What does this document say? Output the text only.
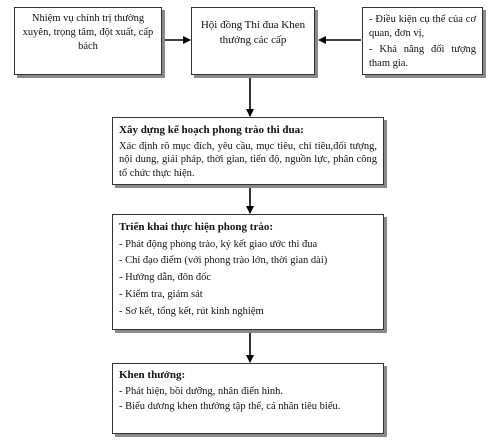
Nhiệm vụ chính trị thường xuyên, trọng tâm, đột xuất, cấp bách
Hội đồng Thi đua Khen thưởng các cấp
- Điều kiện cụ thể của cơ quan, đơn vị,
- Khả năng đối tượng tham gia.
Xây dựng kế hoạch phong trào thi đua:
Xác định rõ mục đích, yêu cầu, mục tiêu, chỉ tiêu,đối tượng, nội dung, giải pháp, thời gian, tiến độ, nguồn lực, phân công tổ chức thực hiện.
Triển khai thực hiện phong trào:
- Phát động phong trào, ký kết giao ước thi đua
- Chỉ đạo điểm (với phong trào lớn, thời gian dài)
- Hướng dẫn, đôn đốc
- Kiểm tra, giám sát
- Sơ kết, tổng kết, rút kinh nghiệm
Khen thưởng:
- Phát hiện, bồi dưỡng, nhân điển hình.
- Biểu dương khen thưởng tập thể, cá nhân tiêu biểu.
